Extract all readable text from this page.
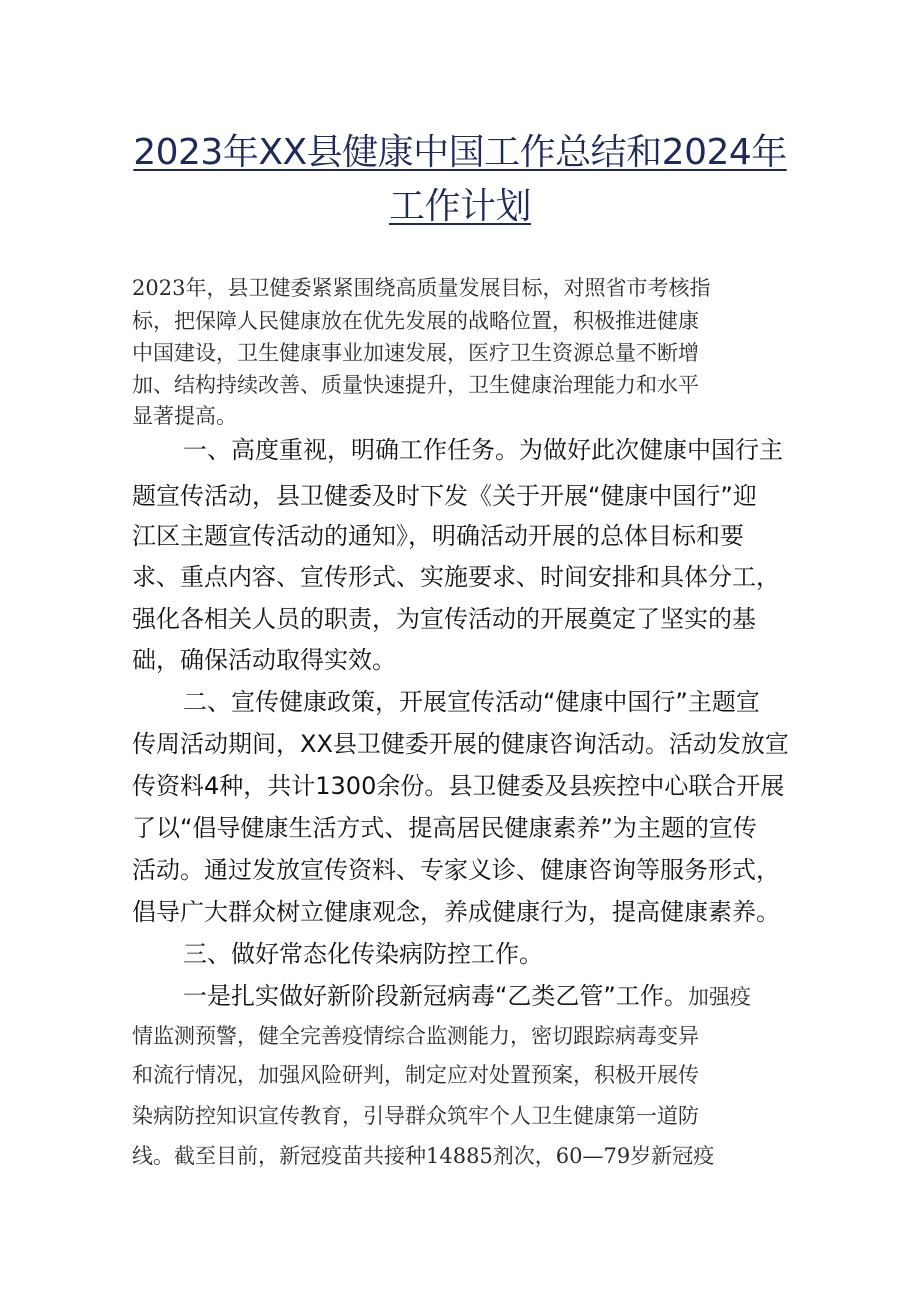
2023年XX县健康中国工作总结和2024年
工作计划
2023年，县卫健委紧紧围绕高质量发展目标，对照省市考核指
标，把保障人民健康放在优先发展的战略位置，积极推进健康
中国建设，卫生健康事业加速发展，医疗卫生资源总量不断增
加、结构持续改善、质量快速提升，卫生健康治理能力和水平
显著提高。
一、高度重视，明确工作任务。为做好此次健康中国行主
题宣传活动，县卫健委及时下发《关于开展“健康中国行”迎
江区主题宣传活动的通知》，明确活动开展的总体目标和要
求、重点内容、宣传形式、实施要求、时间安排和具体分工，
强化各相关人员的职责，为宣传活动的开展奠定了坚实的基
础，确保活动取得实效。
二、宣传健康政策，开展宣传活动“健康中国行”主题宣
传周活动期间，XX县卫健委开展的健康咨询活动。活动发放宣
传资料4种，共计1300余份。县卫健委及县疾控中心联合开展
了以“倡导健康生活方式、提高居民健康素养”为主题的宣传
活动。通过发放宣传资料、专家义诊、健康咨询等服务形式，
倡导广大群众树立健康观念，养成健康行为，提高健康素养。
三、做好常态化传染病防控工作。
一是扎实做好新阶段新冠病毒“乙类乙管”工作。加强疫
情监测预警，健全完善疫情综合监测能力，密切跟踪病毒变异
和流行情况，加强风险研判，制定应对处置预案，积极开展传
染病防控知识宣传教育，引导群众筑牢个人卫生健康第一道防
线。截至目前，新冠疫苗共接种14885剂次，60—79岁新冠疫
